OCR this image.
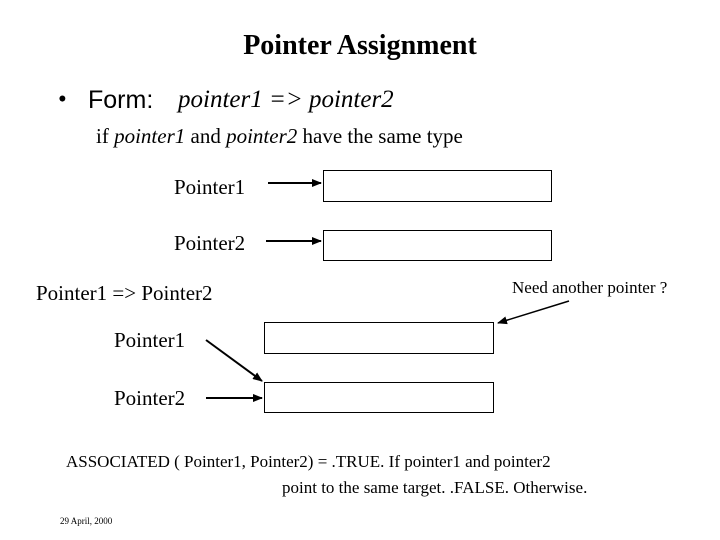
Pointer Assignment
• Form: pointer1 => pointer2
if pointer1 and pointer2 have the same type
Pointer1
Pointer2
Pointer1 => Pointer2	Need another pointer ?
Pointer1
Pointer2
ASSOCIATED ( Pointer1, Pointer2) = .TRUE. If pointer1 and pointer2
point to the same target. .FALSE. Otherwise.
29 April, 2000
